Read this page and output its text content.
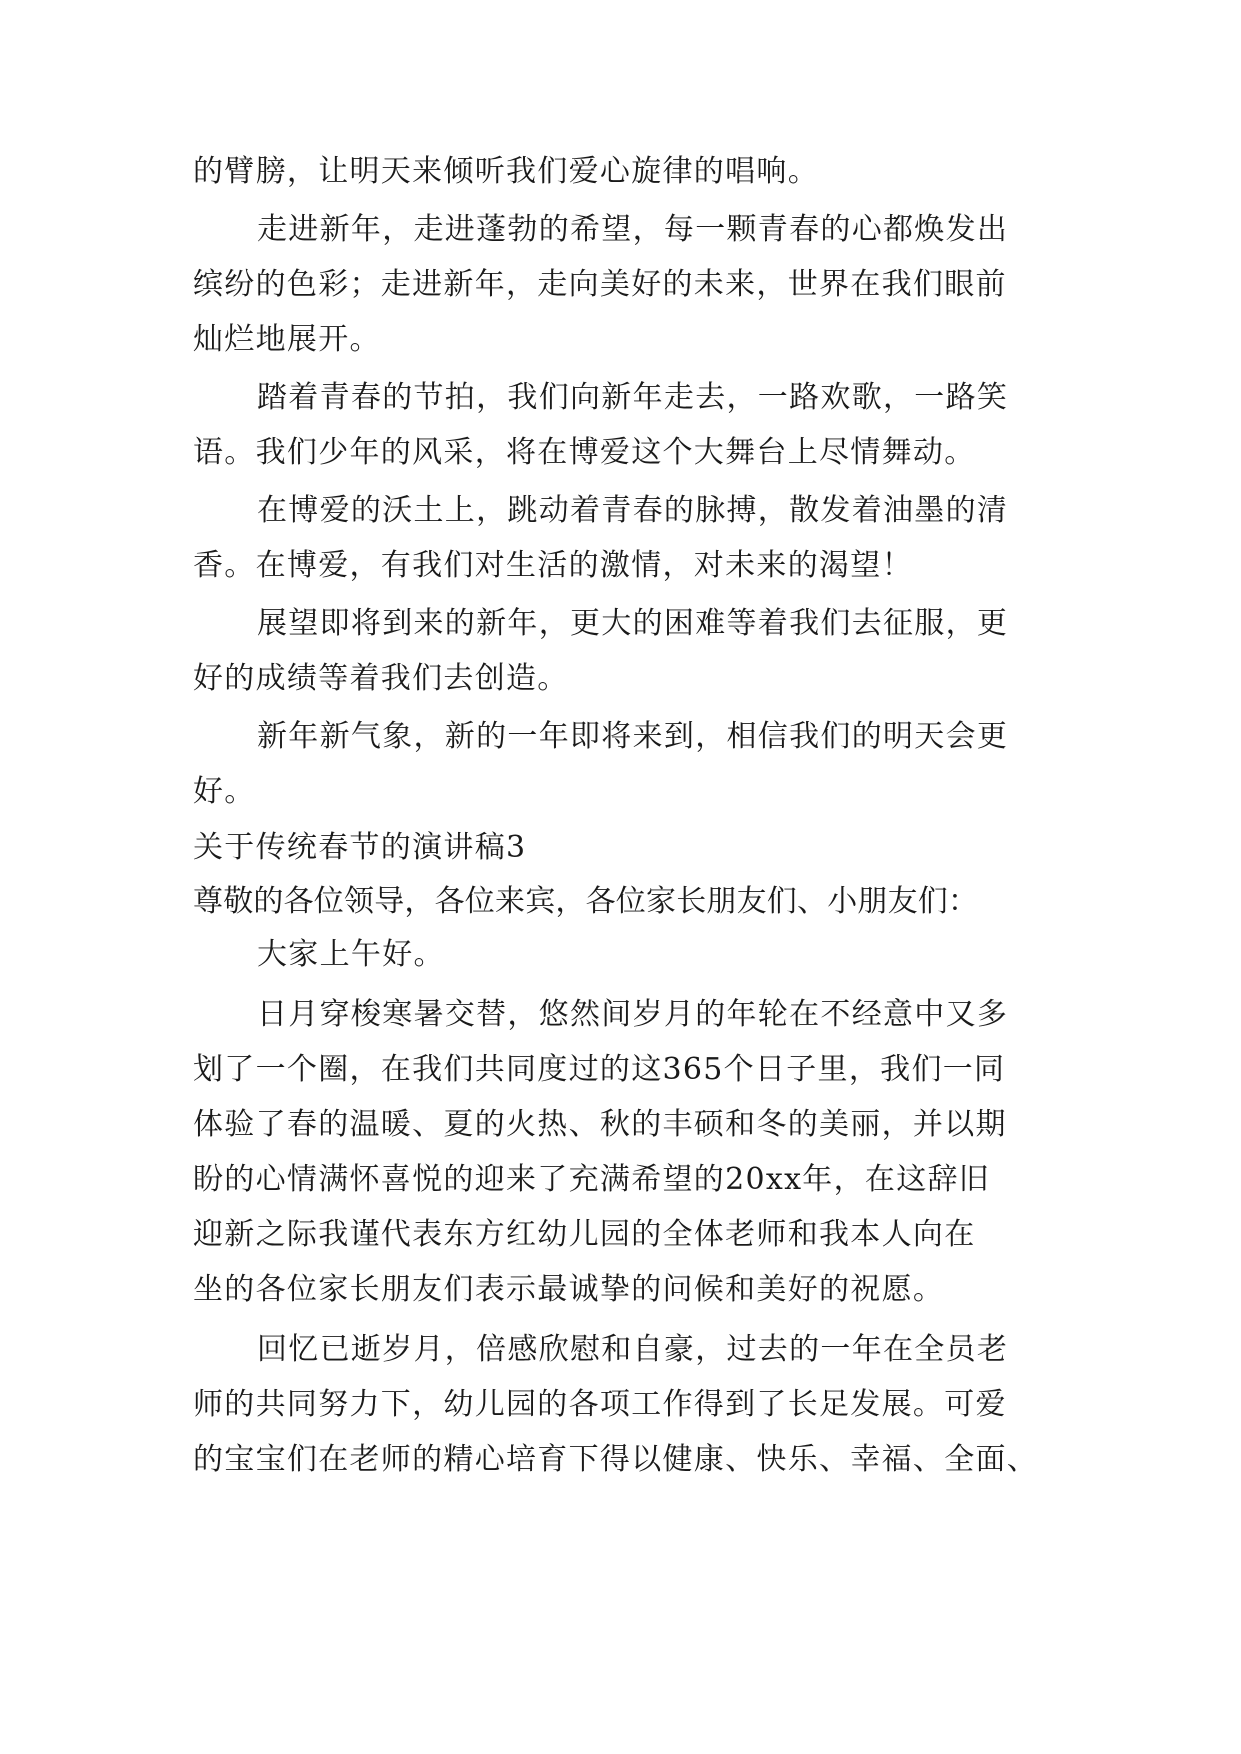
的臂膀，让明天来倾听我们爱心旋律的唱响。
走进新年，走进蓬勃的希望，每一颗青春的心都焕发出
缤纷的色彩；走进新年，走向美好的未来，世界在我们眼前
灿烂地展开。
踏着青春的节拍，我们向新年走去，一路欢歌，一路笑
语。我们少年的风采，将在博爱这个大舞台上尽情舞动。
在博爱的沃土上，跳动着青春的脉搏，散发着油墨的清
香。在博爱，有我们对生活的激情，对未来的渴望！
展望即将到来的新年，更大的困难等着我们去征服，更
好的成绩等着我们去创造。
新年新气象，新的一年即将来到，相信我们的明天会更
好。
关于传统春节的演讲稿3
尊敬的各位领导，各位来宾，各位家长朋友们、小朋友们：
大家上午好。
日月穿梭寒暑交替，悠然间岁月的年轮在不经意中又多
划了一个圈，在我们共同度过的这365个日子里，我们一同
体验了春的温暖、夏的火热、秋的丰硕和冬的美丽，并以期
盼的心情满怀喜悦的迎来了充满希望的20xx年，在这辞旧
迎新之际我谨代表东方红幼儿园的全体老师和我本人向在
坐的各位家长朋友们表示最诚挚的问候和美好的祝愿。
回忆已逝岁月，倍感欣慰和自豪，过去的一年在全员老
师的共同努力下，幼儿园的各项工作得到了长足发展。可爱
的宝宝们在老师的精心培育下得以健康、快乐、幸福、全面、
